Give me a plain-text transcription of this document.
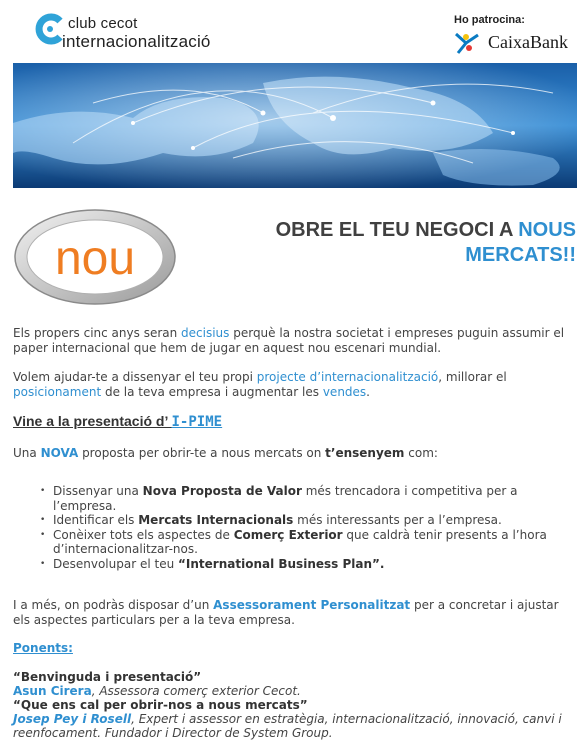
club cecot
internacionalització
Ho patrocina:
CaixaBank
nou
OBRE EL TEU NEGOCI A NOUS
MERCATS!!
Els propers cinc anys seran decisius perquè la nostra societat i empreses puguin assumir el paper internacional que hem de jugar en aquest nou escenari mundial.
Volem ajudar-te a dissenyar el teu propi projecte d’internacionalització, millorar el posicionament de la teva empresa i augmentar les vendes.
Vine a la presentació d’ I-PIME
Una NOVA proposta per obrir-te a nous mercats on t’ensenyem com:
• Dissenyar una Nova Proposta de Valor més trencadora i competitiva per a l’empresa.
• Identificar els Mercats Internacionals més interessants per a l’empresa.
• Conèixer tots els aspectes de Comerç Exterior que caldrà tenir presents a l’hora d’internacionalitzar-nos.
• Desenvolupar el teu “International Business Plan”.
I a més, on podràs disposar d’un Assessorament Personalitzat per a concretar i ajustar els aspectes particulars per a la teva empresa.
Ponents:
“Benvinguda i presentació”
Asun Cirera, Assessora comerç exterior Cecot.
“Que ens cal per obrir-nos a nous mercats”
Josep Pey i Rosell, Expert i assessor en estratègia, internacionalització, innovació, canvi i reenfocament. Fundador i Director de System Group.
